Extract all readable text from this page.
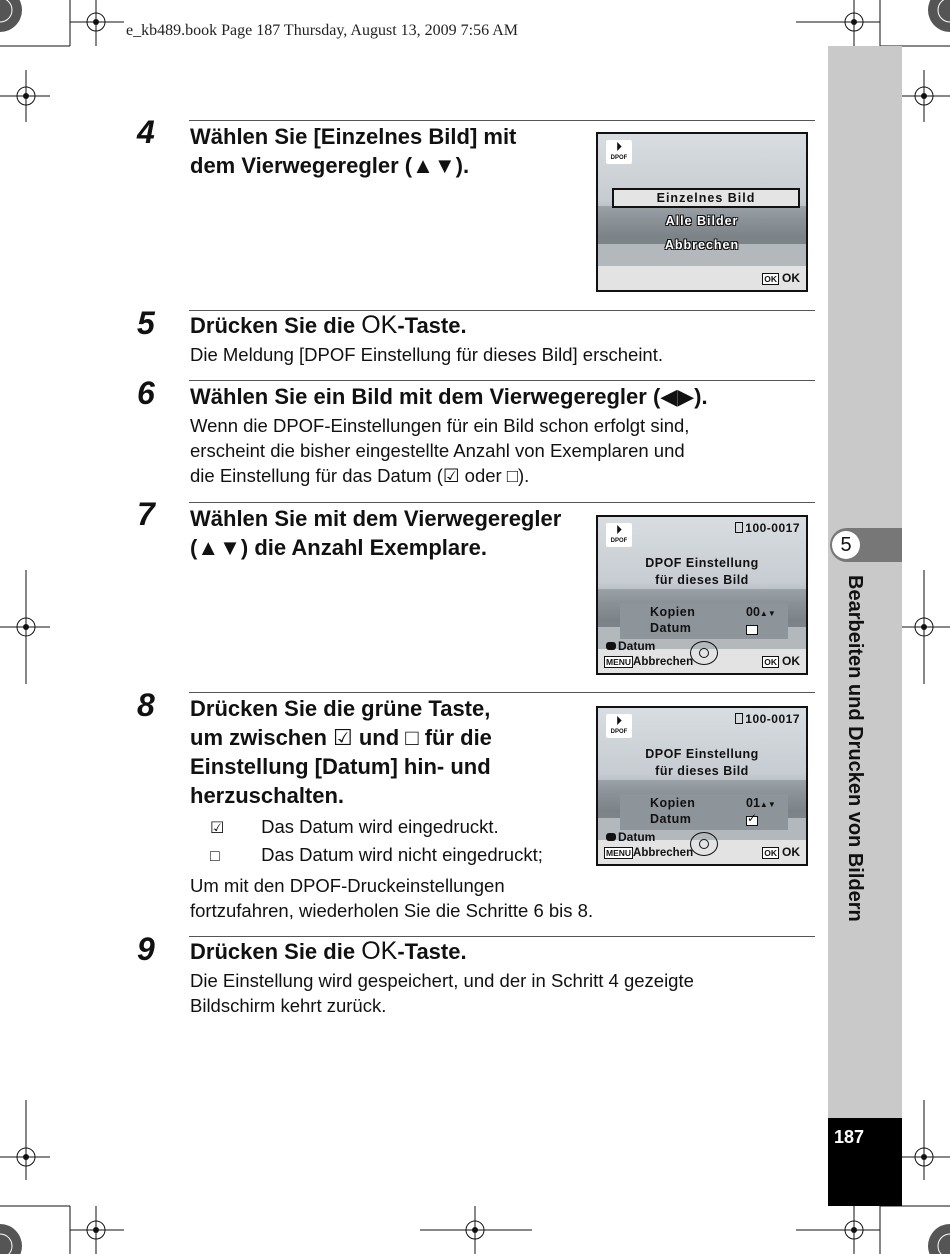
e_kb489.book Page 187 Thursday, August 13, 2009 7:56 AM
5
Bearbeiten und Drucken von Bildern
187
4 Wählen Sie [Einzelnes Bild] mit
dem Vierwegeregler (▲▼).
⏵
DPOF
Einzelnes Bild
Alle Bilder
Abbrechen
OK OK
5 Drücken Sie die OK-Taste.
Die Meldung [DPOF Einstellung für dieses Bild] erscheint.
6 Wählen Sie ein Bild mit dem Vierwegeregler (◀▶).
Wenn die DPOF-Einstellungen für ein Bild schon erfolgt sind,
erscheint die bisher eingestellte Anzahl von Exemplaren und
die Einstellung für das Datum (☑ oder □).
7 Wählen Sie mit dem Vierwegeregler
(▲▼) die Anzahl Exemplare.
⏵
DPOF
100-0017
DPOF Einstellung
für dieses Bild
Kopien	00▲▼
Datum
Datum
MENU Abbrechen	OK OK
8 Drücken Sie die grüne Taste,
um zwischen ☑ und □ für die
Einstellung [Datum] hin- und
herzuschalten.
☑ Das Datum wird eingedruckt.
□ Das Datum wird nicht eingedruckt;
Um mit den DPOF-Druckeinstellungen
fortzufahren, wiederholen Sie die Schritte 6 bis 8.
⏵
DPOF
100-0017
DPOF Einstellung
für dieses Bild
Kopien	01▲▼
Datum	✓
Datum
MENU Abbrechen	OK OK
9 Drücken Sie die OK-Taste.
Die Einstellung wird gespeichert, und der in Schritt 4 gezeigte
Bildschirm kehrt zurück.
